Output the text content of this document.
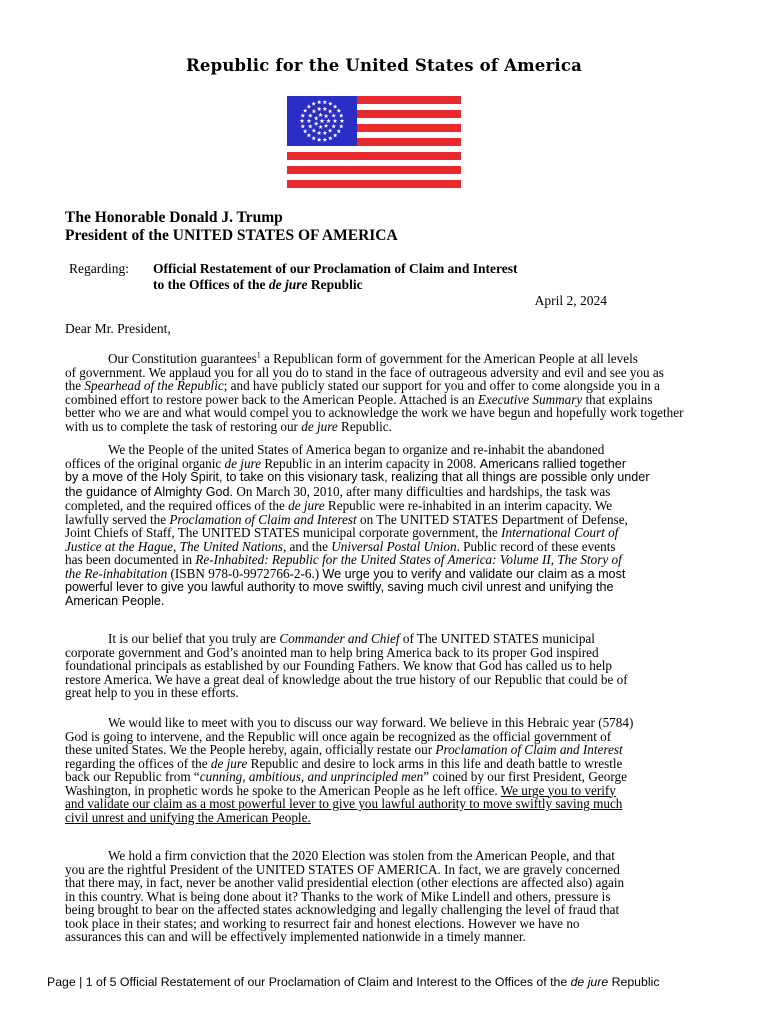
Republic for the United States of America
The Honorable Donald J. Trump
President of the UNITED STATES OF AMERICA
Regarding: Official Restatement of our Proclamation of Claim and Interest
to the Offices of the de jure Republic
April 2, 2024
Dear Mr. President,
Our Constitution guarantees$^1$ a Republican form of government for the American People at all levels
of government. We applaud you for all you do to stand in the face of outrageous adversity and evil and see you as
the Spearhead of the Republic; and have publicly stated our support for you and offer to come alongside you in a
combined effort to restore power back to the American People. Attached is an Executive Summary that explains
better who we are and what would compel you to acknowledge the work we have begun and hopefully work together
with us to complete the task of restoring our de jure Republic.
We the People of the united States of America began to organize and re-inhabit the abandoned
offices of the original organic de jure Republic in an interim capacity in 2008. Americans rallied together
by a move of the Holy Spirit, to take on this visionary task, realizing that all things are possible only under
the guidance of Almighty God. On March 30, 2010, after many difficulties and hardships, the task was
completed, and the required offices of the de jure Republic were re-inhabited in an interim capacity. We
lawfully served the Proclamation of Claim and Interest on The UNITED STATES Department of Defense,
Joint Chiefs of Staff, The UNITED STATES municipal corporate government, the International Court of
Justice at the Hague, The United Nations, and the Universal Postal Union. Public record of these events
has been documented in Re-Inhabited: Republic for the United States of America: Volume II, The Story of
the Re-inhabitation (ISBN 978-0-9972766-2-6.) We urge you to verify and validate our claim as a most
powerful lever to give you lawful authority to move swiftly, saving much civil unrest and unifying the
American People.
It is our belief that you truly are Commander and Chief of The UNITED STATES municipal
corporate government and God’s anointed man to help bring America back to its proper God inspired
foundational principals as established by our Founding Fathers. We know that God has called us to help
restore America. We have a great deal of knowledge about the true history of our Republic that could be of
great help to you in these efforts.
We would like to meet with you to discuss our way forward. We believe in this Hebraic year (5784)
God is going to intervene, and the Republic will once again be recognized as the official government of
these united States. We the People hereby, again, officially restate our Proclamation of Claim and Interest
regarding the offices of the de jure Republic and desire to lock arms in this life and death battle to wrestle
back our Republic from “cunning, ambitious, and unprincipled men” coined by our first President, George
Washington, in prophetic words he spoke to the American People as he left office. We urge you to verify
and validate our claim as a most powerful lever to give you lawful authority to move swiftly saving much
civil unrest and unifying the American People.
We hold a firm conviction that the 2020 Election was stolen from the American People, and that
you are the rightful President of the UNITED STATES OF AMERICA. In fact, we are gravely concerned
that there may, in fact, never be another valid presidential election (other elections are affected also) again
in this country. What is being done about it? Thanks to the work of Mike Lindell and others, pressure is
being brought to bear on the affected states acknowledging and legally challenging the level of fraud that
took place in their states; and working to resurrect fair and honest elections. However we have no
assurances this can and will be effectively implemented nationwide in a timely manner.
Page | 1 of 5 Official Restatement of our Proclamation of Claim and Interest to the Offices of the de jure Republic
